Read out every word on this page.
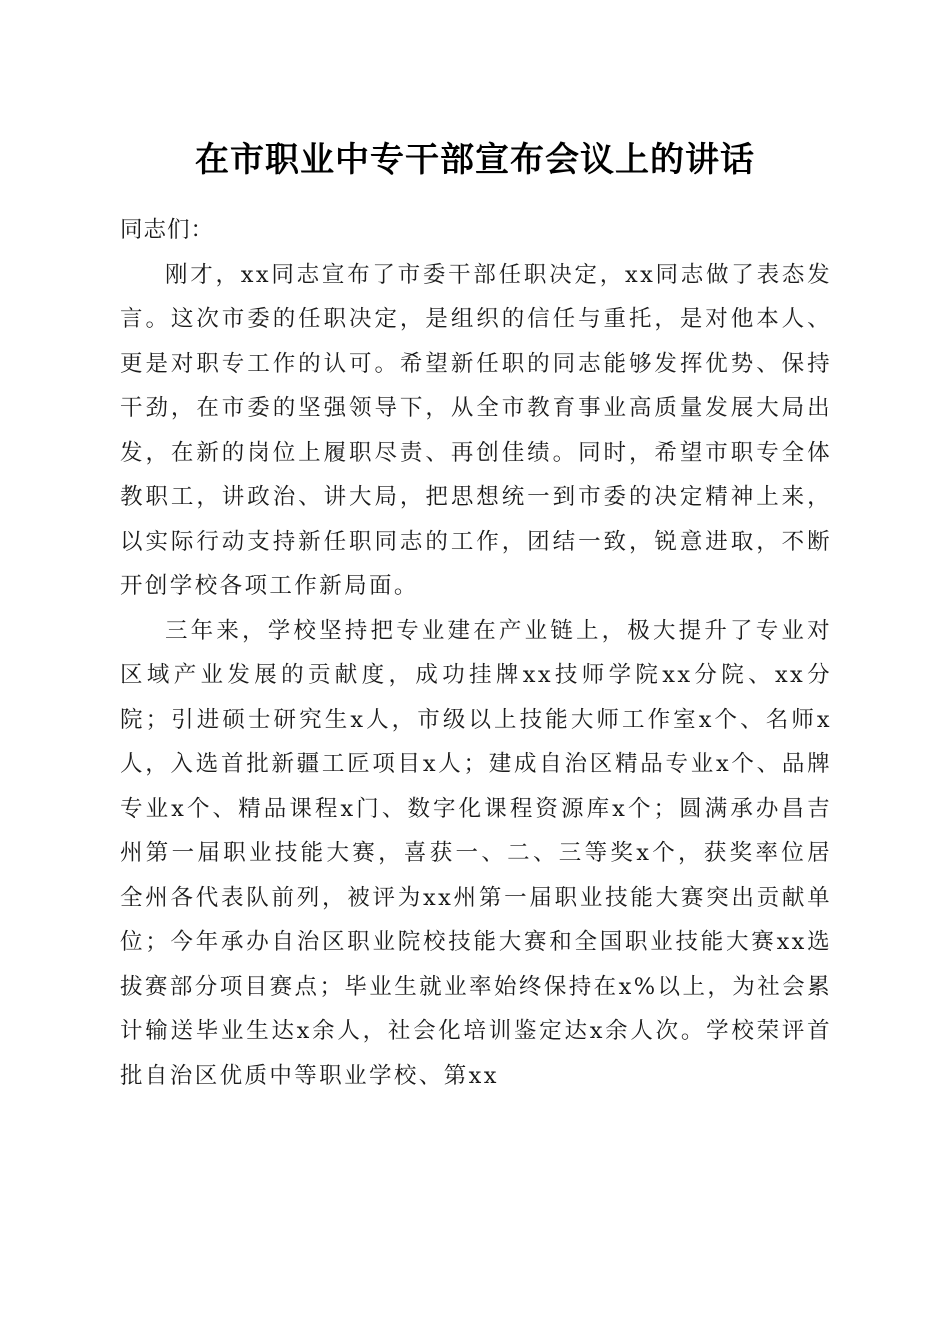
在市职业中专干部宣布会议上的讲话

同志们：

刚才，xx同志宣布了市委干部任职决定，xx同志做了表态发言。这次市委的任职决定，是组织的信任与重托，是对他本人、更是对职专工作的认可。希望新任职的同志能够发挥优势、保持干劲，在市委的坚强领导下，从全市教育事业高质量发展大局出发，在新的岗位上履职尽责、再创佳绩。同时，希望市职专全体教职工，讲政治、讲大局，把思想统一到市委的决定精神上来，以实际行动支持新任职同志的工作，团结一致，锐意进取，不断开创学校各项工作新局面。

三年来，学校坚持把专业建在产业链上，极大提升了专业对区域产业发展的贡献度，成功挂牌xx技师学院xx分院、xx分院；引进硕士研究生x人，市级以上技能大师工作室x个、名师x人，入选首批新疆工匠项目x人；建成自治区精品专业x个、品牌专业x个、精品课程x门、数字化课程资源库x个；圆满承办昌吉州第一届职业技能大赛，喜获一、二、三等奖x个，获奖率位居全州各代表队前列，被评为xx州第一届职业技能大赛突出贡献单位；今年承办自治区职业院校技能大赛和全国职业技能大赛xx选拔赛部分项目赛点；毕业生就业率始终保持在x%以上，为社会累计输送毕业生达x余人，社会化培训鉴定达x余人次。学校荣评首批自治区优质中等职业学校、第xx
